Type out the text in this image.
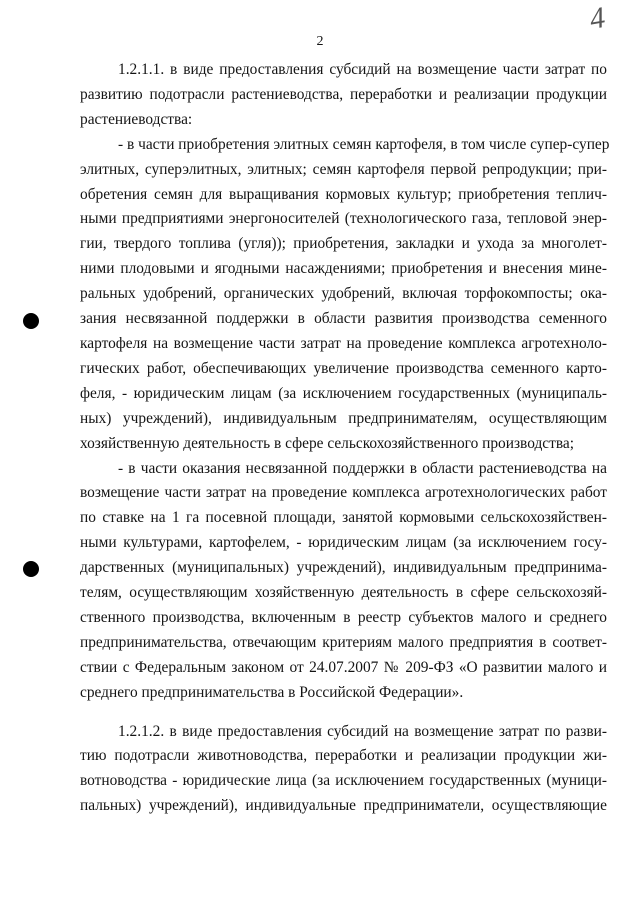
4
2
1.2.1.1. в виде предоставления субсидий на возмещение части затрат по
развитию подотрасли растениеводства, переработки и реализации продукции
растениеводства:
- в части приобретения элитных семян картофеля, в том числе супер-супер
элитных, суперэлитных, элитных; семян картофеля первой репродукции; при-
обретения семян для выращивания кормовых культур; приобретения теплич-
ными предприятиями энергоносителей (технологического газа, тепловой энер-
гии, твердого топлива (угля)); приобретения, закладки и ухода за многолет-
ними плодовыми и ягодными насаждениями; приобретения и внесения мине-
ральных удобрений, органических удобрений, включая торфокомпосты; ока-
зания несвязанной поддержки в области развития производства семенного
картофеля на возмещение части затрат на проведение комплекса агротехноло-
гических работ, обеспечивающих увеличение производства семенного карто-
феля, - юридическим лицам (за исключением государственных (муниципаль-
ных) учреждений), индивидуальным предпринимателям, осуществляющим
хозяйственную деятельность в сфере сельскохозяйственного производства;
- в части оказания несвязанной поддержки в области растениеводства на
возмещение части затрат на проведение комплекса агротехнологических работ
по ставке на 1 га посевной площади, занятой кормовыми сельскохозяйствен-
ными культурами, картофелем, - юридическим лицам (за исключением госу-
дарственных (муниципальных) учреждений), индивидуальным предпринима-
телям, осуществляющим хозяйственную деятельность в сфере сельскохозяй-
ственного производства, включенным в реестр субъектов малого и среднего
предпринимательства, отвечающим критериям малого предприятия в соответ-
ствии с Федеральным законом от 24.07.2007 № 209-ФЗ «О развитии малого и
среднего предпринимательства в Российской Федерации».
1.2.1.2. в виде предоставления субсидий на возмещение затрат по разви-
тию подотрасли животноводства, переработки и реализации продукции жи-
вотноводства - юридические лица (за исключением государственных (муници-
пальных) учреждений), индивидуальные предприниматели, осуществляющие
